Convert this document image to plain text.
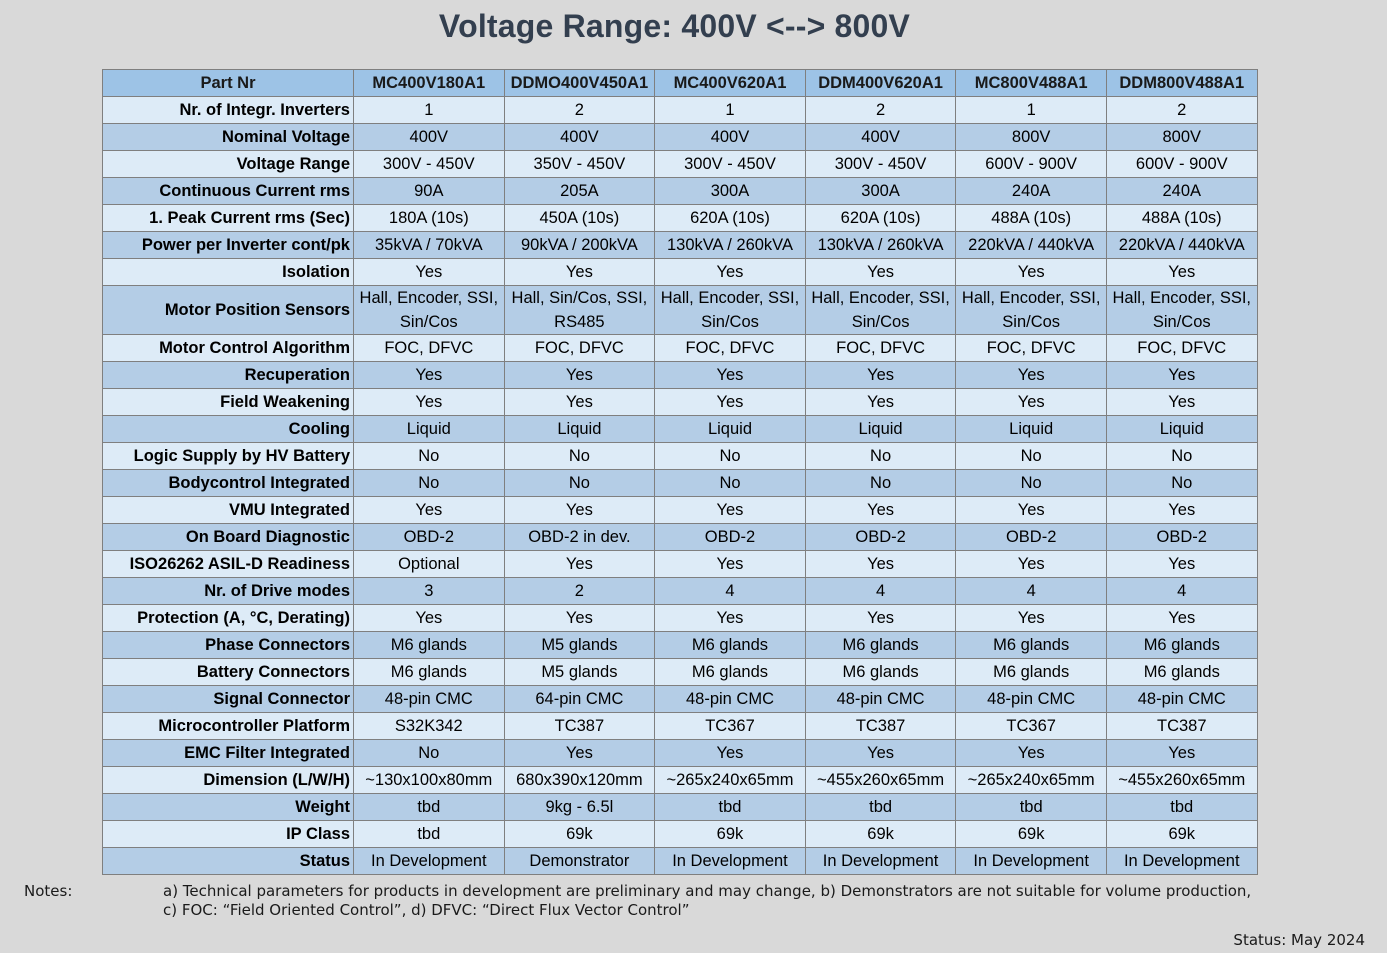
Voltage Range: 400V <--> 800V
Part Nr	MC400V180A1	DDMO400V450A1	MC400V620A1	DDM400V620A1	MC800V488A1	DDM800V488A1
Nr. of Integr. Inverters	1	2	1	2	1	2
Nominal Voltage	400V	400V	400V	400V	800V	800V
Voltage Range	300V - 450V	350V - 450V	300V - 450V	300V - 450V	600V - 900V	600V - 900V
Continuous Current rms	90A	205A	300A	300A	240A	240A
1. Peak Current rms (Sec)	180A (10s)	450A (10s)	620A (10s)	620A (10s)	488A (10s)	488A (10s)
Power per Inverter cont/pk	35kVA / 70kVA	90kVA / 200kVA	130kVA / 260kVA	130kVA / 260kVA	220kVA / 440kVA	220kVA / 440kVA
Isolation	Yes	Yes	Yes	Yes	Yes	Yes
Motor Position Sensors	Hall, Encoder, SSI, Sin/Cos	Hall, Sin/Cos, SSI, RS485	Hall, Encoder, SSI, Sin/Cos	Hall, Encoder, SSI, Sin/Cos	Hall, Encoder, SSI, Sin/Cos	Hall, Encoder, SSI, Sin/Cos
Motor Control Algorithm	FOC, DFVC	FOC, DFVC	FOC, DFVC	FOC, DFVC	FOC, DFVC	FOC, DFVC
Recuperation	Yes	Yes	Yes	Yes	Yes	Yes
Field Weakening	Yes	Yes	Yes	Yes	Yes	Yes
Cooling	Liquid	Liquid	Liquid	Liquid	Liquid	Liquid
Logic Supply by HV Battery	No	No	No	No	No	No
Bodycontrol Integrated	No	No	No	No	No	No
VMU Integrated	Yes	Yes	Yes	Yes	Yes	Yes
On Board Diagnostic	OBD-2	OBD-2 in dev.	OBD-2	OBD-2	OBD-2	OBD-2
ISO26262 ASIL-D Readiness	Optional	Yes	Yes	Yes	Yes	Yes
Nr. of Drive modes	3	2	4	4	4	4
Protection (A, °C, Derating)	Yes	Yes	Yes	Yes	Yes	Yes
Phase Connectors	M6 glands	M5 glands	M6 glands	M6 glands	M6 glands	M6 glands
Battery Connectors	M6 glands	M5 glands	M6 glands	M6 glands	M6 glands	M6 glands
Signal Connector	48-pin CMC	64-pin CMC	48-pin CMC	48-pin CMC	48-pin CMC	48-pin CMC
Microcontroller Platform	S32K342	TC387	TC367	TC387	TC367	TC387
EMC Filter Integrated	No	Yes	Yes	Yes	Yes	Yes
Dimension (L/W/H)	~130x100x80mm	680x390x120mm	~265x240x65mm	~455x260x65mm	~265x240x65mm	~455x260x65mm
Weight	tbd	9kg - 6.5l	tbd	tbd	tbd	tbd
IP Class	tbd	69k	69k	69k	69k	69k
Status	In Development	Demonstrator	In Development	In Development	In Development	In Development
Notes:	a) Technical parameters for products in development are preliminary and may change, b) Demonstrators are not suitable for volume production,
c) FOC: “Field Oriented Control”, d) DFVC: “Direct Flux Vector Control”
Status: May 2024
